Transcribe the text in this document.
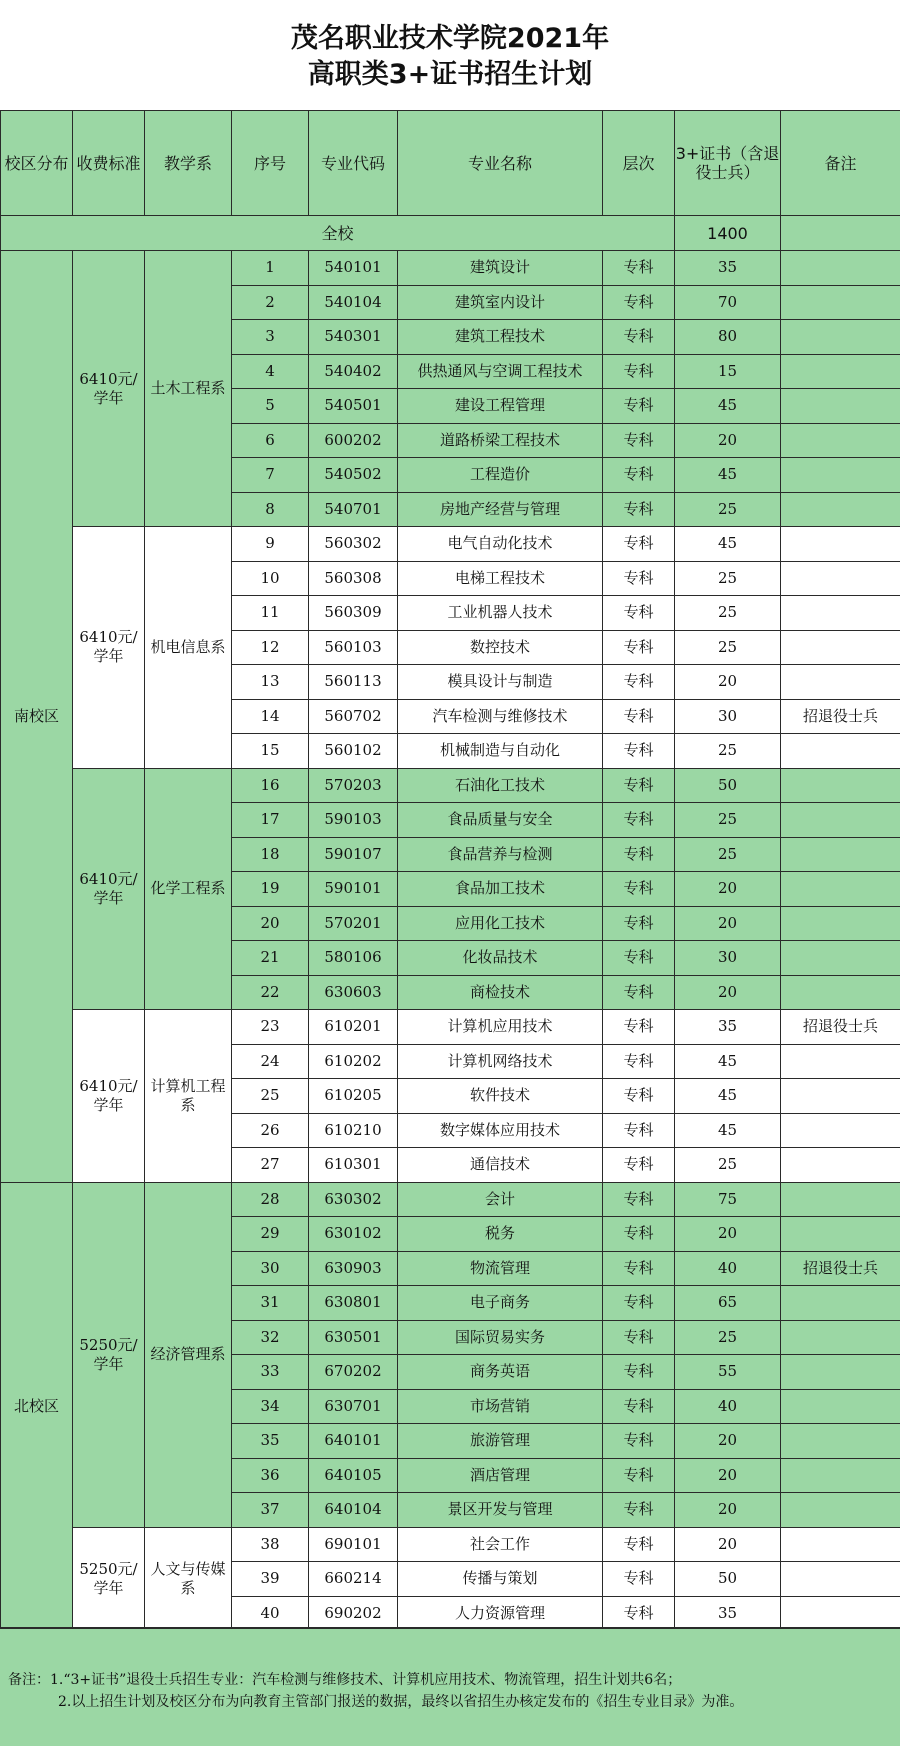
茂名职业技术学院2021年
高职类3+证书招生计划
校区分布	收费标准	教学系	序号	专业代码	专业名称	层次	3+证书（含退役士兵）	备注
全校							1400	
南校区	6410元/学年	土木工程系	1	540101	建筑设计	专科	35	
			2	540104	建筑室内设计	专科	70	
			3	540301	建筑工程技术	专科	80	
			4	540402	供热通风与空调工程技术	专科	15	
			5	540501	建设工程管理	专科	45	
			6	600202	道路桥梁工程技术	专科	20	
			7	540502	工程造价	专科	45	
			8	540701	房地产经营与管理	专科	25	
	6410元/学年	机电信息系	9	560302	电气自动化技术	专科	45	
			10	560308	电梯工程技术	专科	25	
			11	560309	工业机器人技术	专科	25	
			12	560103	数控技术	专科	25	
			13	560113	模具设计与制造	专科	20	
			14	560702	汽车检测与维修技术	专科	30	招退役士兵
			15	560102	机械制造与自动化	专科	25	
	6410元/学年	化学工程系	16	570203	石油化工技术	专科	50	
			17	590103	食品质量与安全	专科	25	
			18	590107	食品营养与检测	专科	25	
			19	590101	食品加工技术	专科	20	
			20	570201	应用化工技术	专科	20	
			21	580106	化妆品技术	专科	30	
			22	630603	商检技术	专科	20	
	6410元/学年	计算机工程系	23	610201	计算机应用技术	专科	35	招退役士兵
			24	610202	计算机网络技术	专科	45	
			25	610205	软件技术	专科	45	
			26	610210	数字媒体应用技术	专科	45	
			27	610301	通信技术	专科	25	
北校区	5250元/学年	经济管理系	28	630302	会计	专科	75	
			29	630102	税务	专科	20	
			30	630903	物流管理	专科	40	招退役士兵
			31	630801	电子商务	专科	65	
			32	630501	国际贸易实务	专科	25	
			33	670202	商务英语	专科	55	
			34	630701	市场营销	专科	40	
			35	640101	旅游管理	专科	20	
			36	640105	酒店管理	专科	20	
			37	640104	景区开发与管理	专科	20	
	5250元/学年	人文与传媒系	38	690101	社会工作	专科	20	
			39	660214	传播与策划	专科	50	
			40	690202	人力资源管理	专科	35	
备注：1.“3+证书”退役士兵招生专业：汽车检测与维修技术、计算机应用技术、物流管理，招生计划共6名；
2.以上招生计划及校区分布为向教育主管部门报送的数据，最终以省招生办核定发布的《招生专业目录》为准。
